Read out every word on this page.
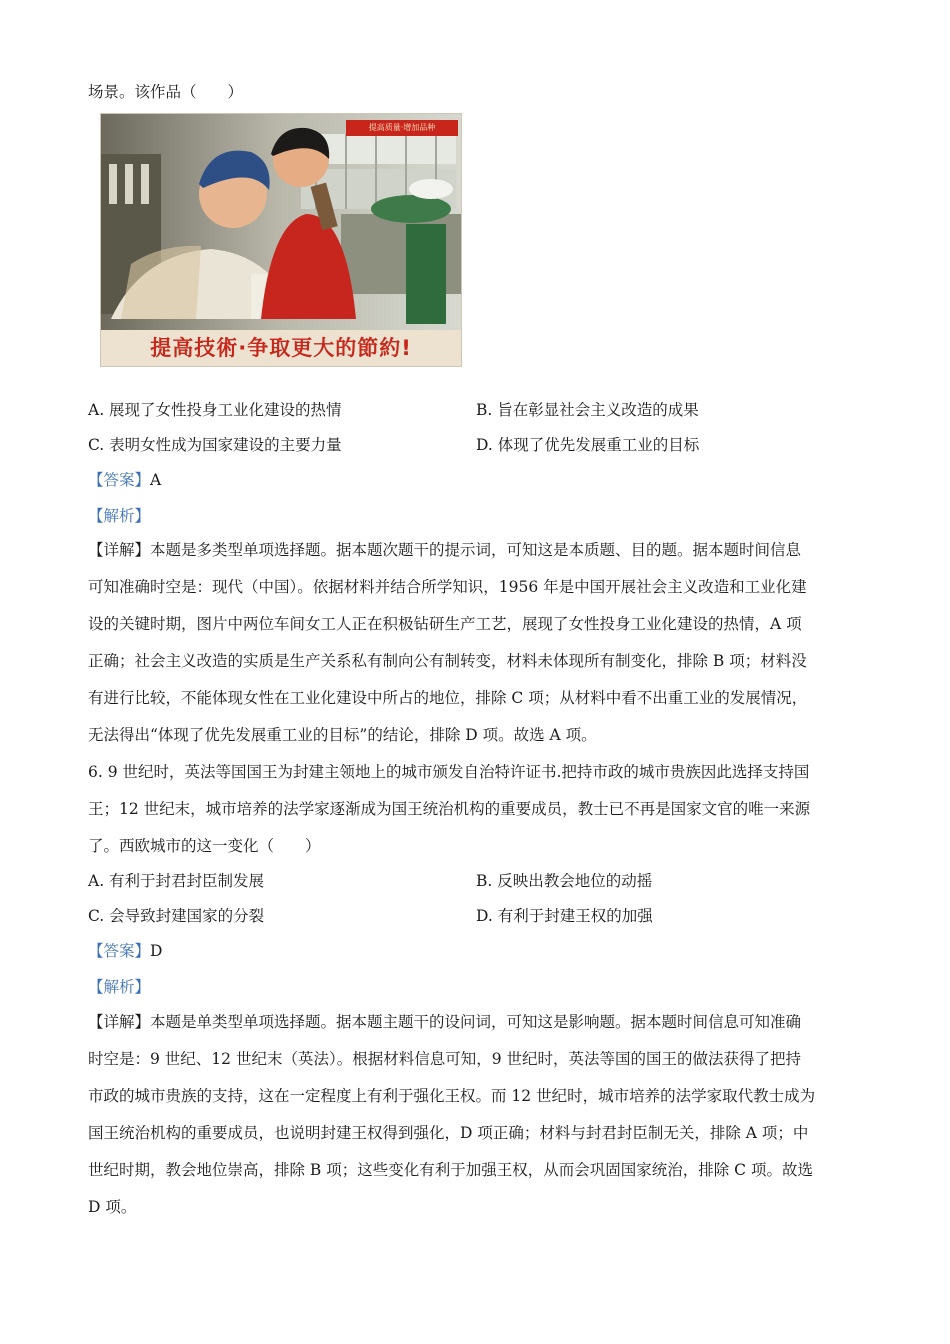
场景。该作品（　　）
提高质量·增加品种
提高技術·争取更大的節約!
A. 展现了女性投身工业化建设的热情	B. 旨在彰显社会主义改造的成果
C. 表明女性成为国家建设的主要力量	D. 体现了优先发展重工业的目标
【答案】A
【解析】
【详解】本题是多类型单项选择题。据本题次题干的提示词，可知这是本质题、目的题。据本题时间信息
可知准确时空是：现代（中国）。依据材料并结合所学知识，1956 年是中国开展社会主义改造和工业化建
设的关键时期，图片中两位车间女工人正在积极钻研生产工艺，展现了女性投身工业化建设的热情，A 项
正确；社会主义改造的实质是生产关系私有制向公有制转变，材料未体现所有制变化，排除 B 项；材料没
有进行比较，不能体现女性在工业化建设中所占的地位，排除 C 项；从材料中看不出重工业的发展情况，
无法得出“体现了优先发展重工业的目标”的结论，排除 D 项。故选 A 项。
6. 9 世纪时，英法等国国王为封建主领地上的城市颁发自治特许证书.把持市政的城市贵族因此选择支持国
王；12 世纪末，城市培养的法学家逐渐成为国王统治机构的重要成员，教士已不再是国家文官的唯一来源
了。西欧城市的这一变化（　　）
A. 有利于封君封臣制发展	B. 反映出教会地位的动摇
C. 会导致封建国家的分裂	D. 有利于封建王权的加强
【答案】D
【解析】
【详解】本题是单类型单项选择题。据本题主题干的设问词，可知这是影响题。据本题时间信息可知准确
时空是：9 世纪、12 世纪末（英法）。根据材料信息可知，9 世纪时，英法等国的国王的做法获得了把持
市政的城市贵族的支持，这在一定程度上有利于强化王权。而 12 世纪时，城市培养的法学家取代教士成为
国王统治机构的重要成员，也说明封建王权得到强化，D 项正确；材料与封君封臣制无关，排除 A 项；中
世纪时期，教会地位崇高，排除 B 项；这些变化有利于加强王权，从而会巩固国家统治，排除 C 项。故选
D 项。
